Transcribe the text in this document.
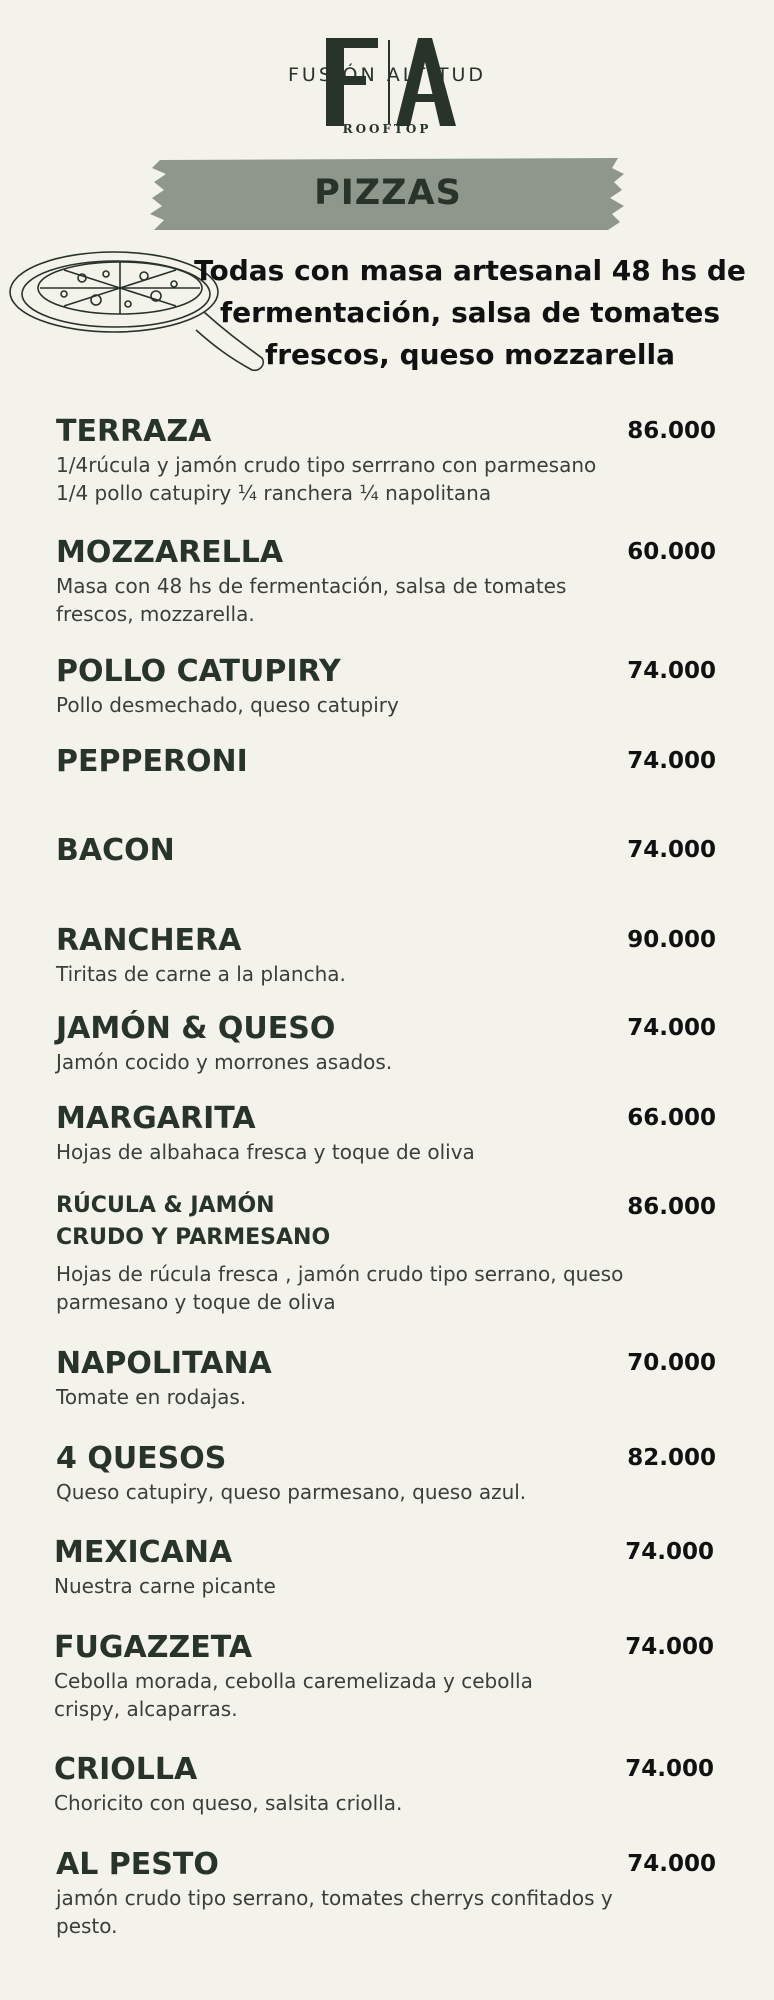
FUSIÓN ALTITUD
ROOFTOP
PIZZAS
Todas con masa artesanal 48 hs de fermentación, salsa de tomates frescos, queso mozzarella
TERRAZA	86.000
1/4rúcula y jamón crudo tipo serrrano con parmesano
1/4 pollo catupiry ¼ ranchera ¼ napolitana
MOZZARELLA	60.000
Masa con 48 hs de fermentación, salsa de tomates
frescos, mozzarella.
POLLO CATUPIRY	74.000
Pollo desmechado, queso catupiry
PEPPERONI	74.000
BACON	74.000
RANCHERA	90.000
Tiritas de carne a la plancha.
JAMÓN & QUESO	74.000
Jamón cocido y morrones asados.
MARGARITA	66.000
Hojas de albahaca fresca y toque de oliva
RÚCULA & JAMÓN
CRUDO Y PARMESANO
86.000
Hojas de rúcula fresca , jamón crudo tipo serrano, queso
parmesano y toque de oliva
NAPOLITANA	70.000
Tomate en rodajas.
4 QUESOS	82.000
Queso catupiry, queso parmesano, queso azul.
MEXICANA	74.000
Nuestra carne picante
FUGAZZETA	74.000
Cebolla morada, cebolla caremelizada y cebolla
crispy, alcaparras.
CRIOLLA	74.000
Choricito con queso, salsita criolla.
AL PESTO	74.000
jamón crudo tipo serrano, tomates cherrys confitados y
pesto.
